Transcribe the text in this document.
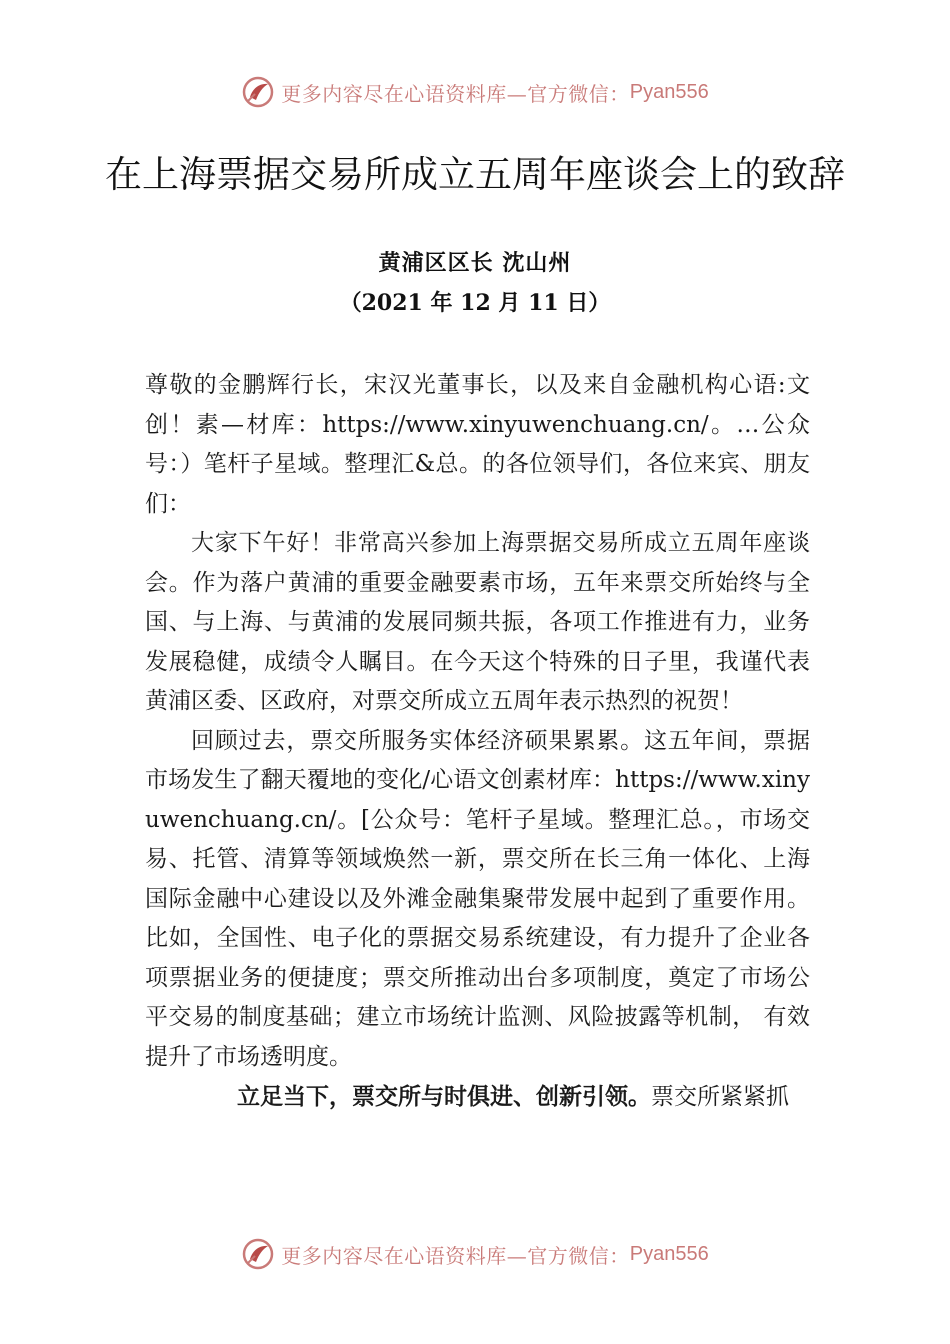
更多内容尽在心语资料库—官方微信： Pyan556
在上海票据交易所成立五周年座谈会上的致辞
黄浦区区长 沈山州
（2021 年 12 月 11 日）

尊敬的金鹏辉行长，宋汉光董事长，以及来自金融机构心语:文创！素—材库：https://www.xinyuwenchuang.cn/。…公众号：）笔杆子星域。整理汇&总。的各位领导们，各位来宾、朋友们：

大家下午好！非常高兴参加上海票据交易所成立五周年座谈会。作为落户黄浦的重要金融要素市场，五年来票交所始终与全国、与上海、与黄浦的发展同频共振，各项工作推进有力，业务发展稳健，成绩令人瞩目。在今天这个特殊的日子里，我谨代表黄浦区委、区政府，对票交所成立五周年表示热烈的祝贺！

回顾过去，票交所服务实体经济硕果累累。这五年间，票据市场发生了翻天覆地的变化/心语文创素材库：https://www.xinyuwenchuang.cn/。[公众号：笔杆子星域。整理汇总。，市场交易、托管、清算等领域焕然一新，票交所在长三角一体化、上海国际金融中心建设以及外滩金融集聚带发展中起到了重要作用。比如，全国性、电子化的票据交易系统建设，有力提升了企业各项票据业务的便捷度；票交所推动出台多项制度，奠定了市场公平交易的制度基础；建立市场统计监测、风险披露等机制， 有效提升了市场透明度。

立足当下，票交所与时俱进、创新引领。票交所紧紧抓

更多内容尽在心语资料库—官方微信： Pyan556
